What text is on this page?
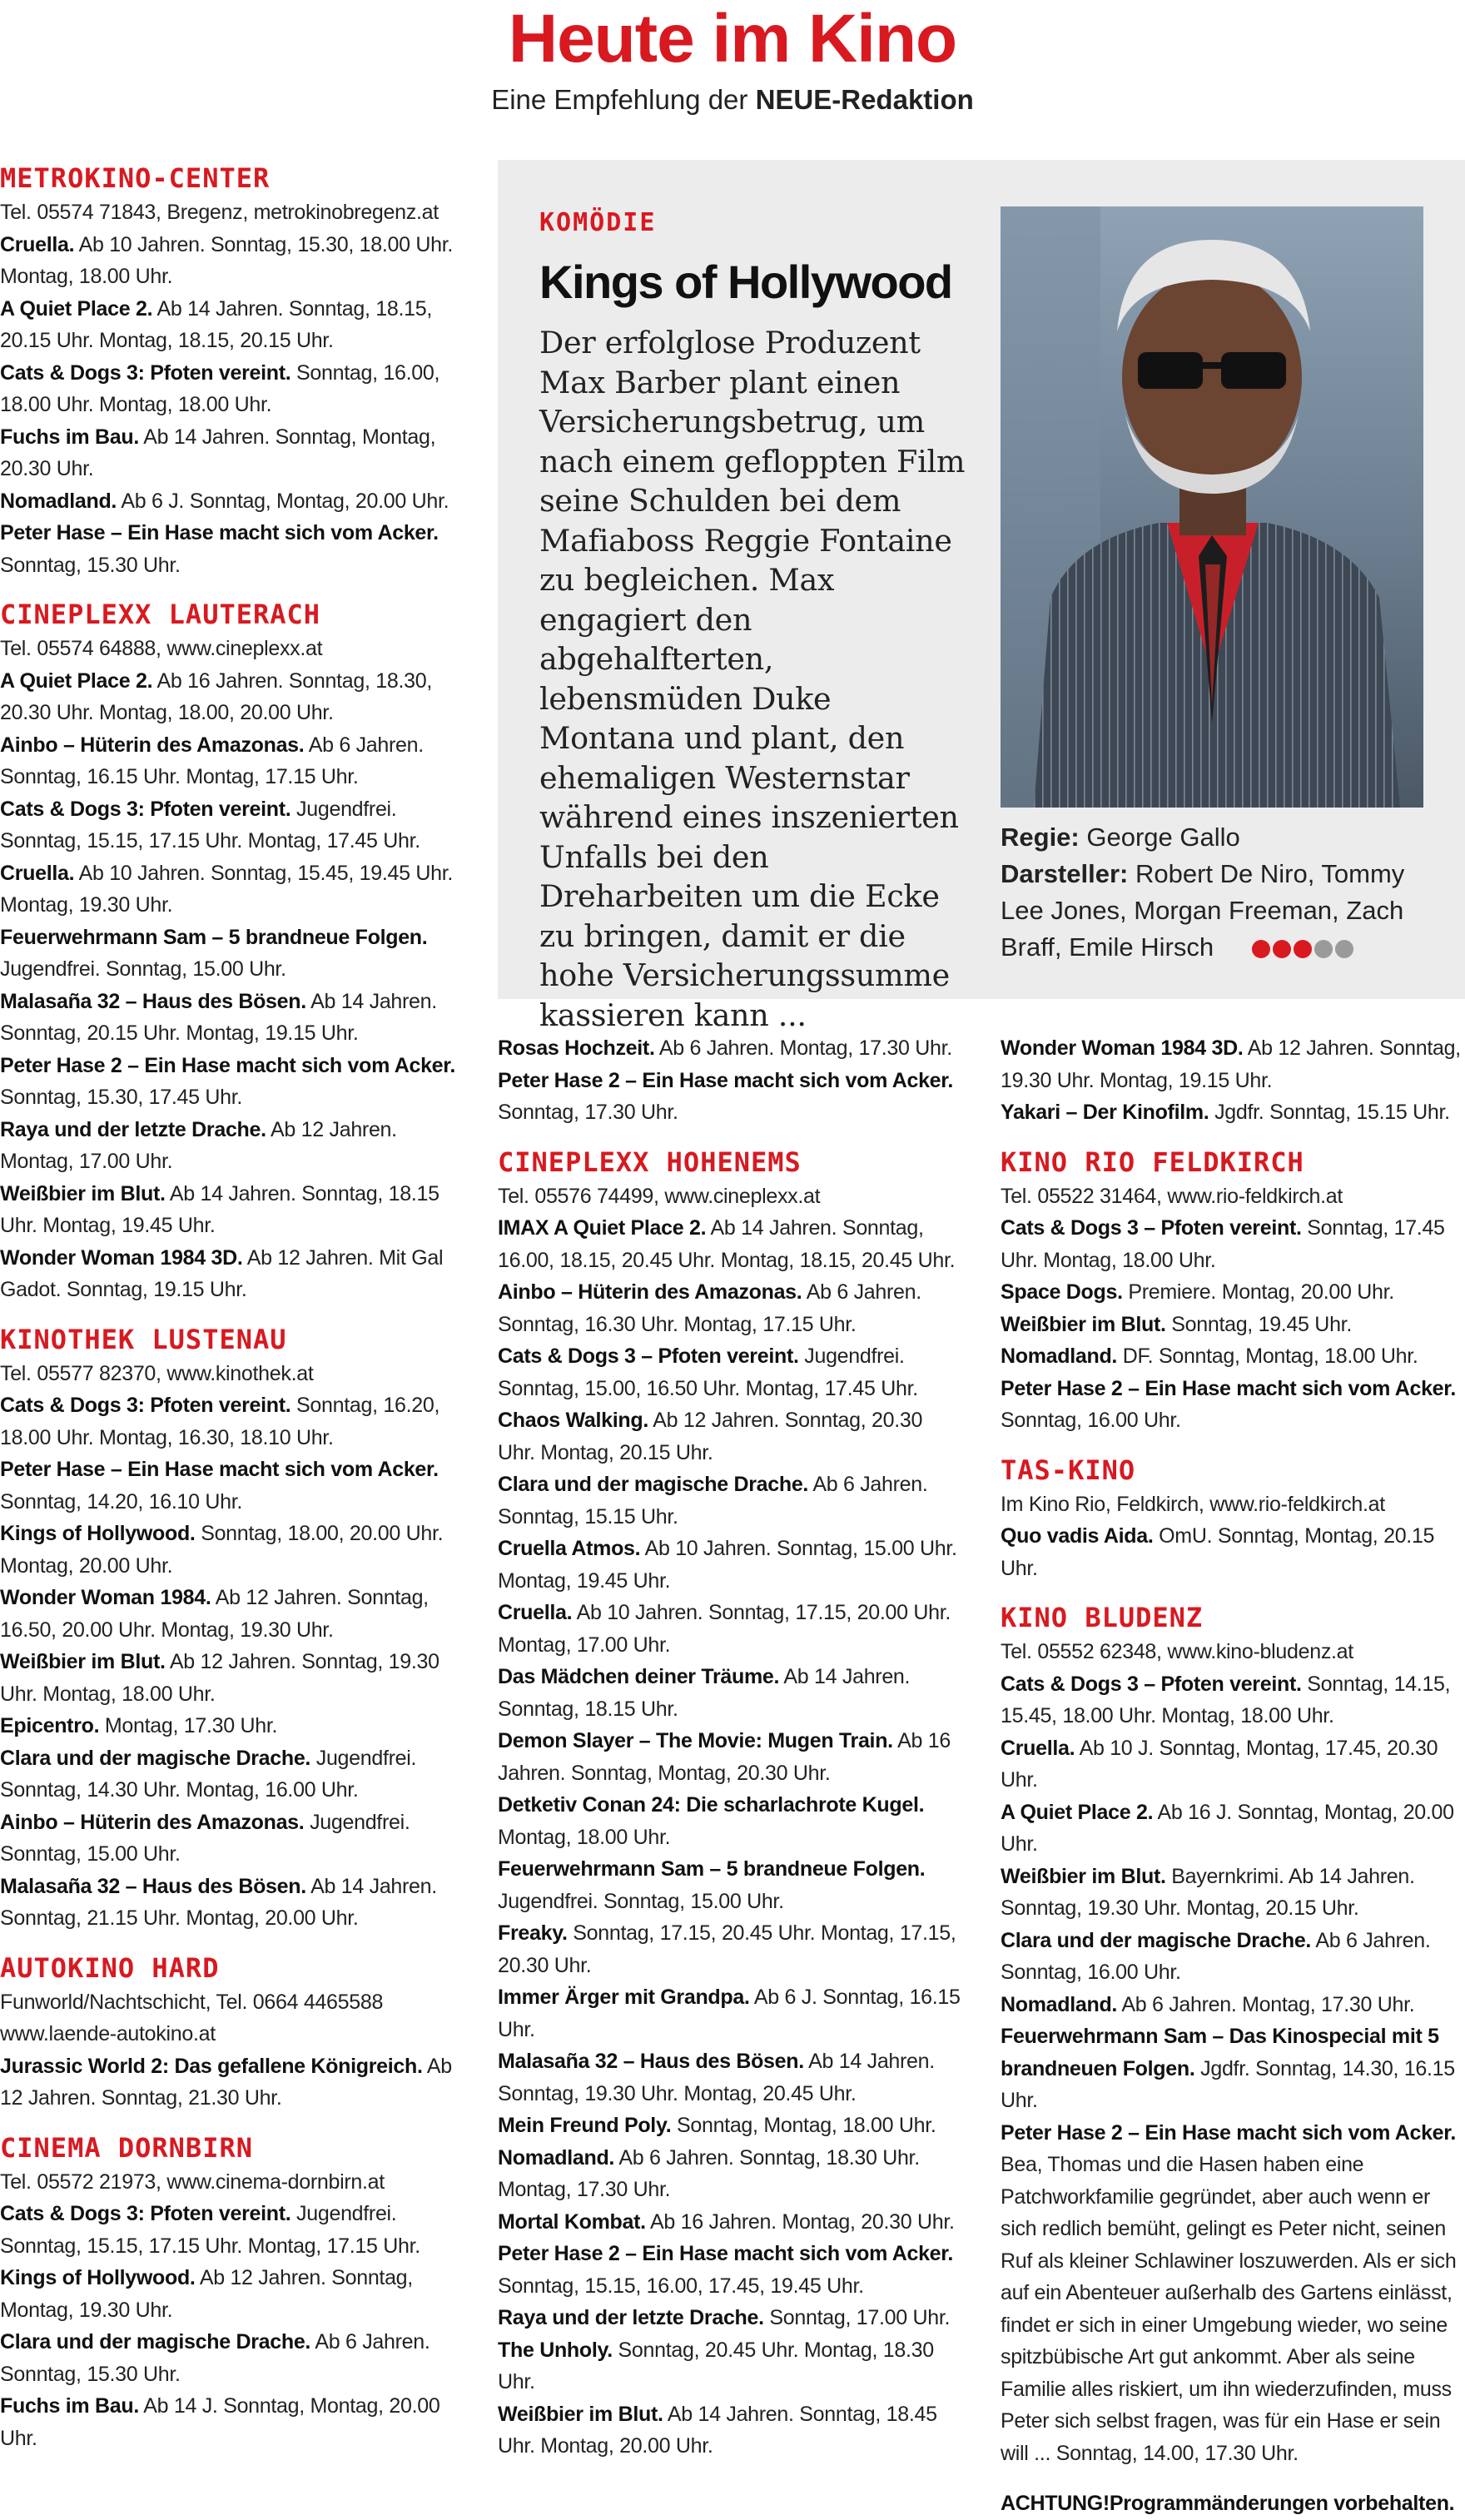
Heute im Kino
Eine Empfehlung der NEUE-Redaktion
KOMÖDIE
Kings of Hollywood
Der erfolglose Produzent Max Barber plant einen Versicherungsbetrug, um nach einem gefloppten Film seine Schulden bei dem Mafiaboss Reggie Fontaine zu begleichen. Max engagiert den abgehalfterten, lebensmüden Duke Montana und plant, den ehemaligen Westernstar während eines inszenierten Unfalls bei den Dreharbeiten um die Ecke zu bringen, damit er die hohe Versicherungssumme kassieren kann ...
Regie: George Gallo
Darsteller: Robert De Niro, Tommy Lee Jones, Morgan Freeman, Zach Braff, Emile Hirsch
METROKINO-CENTER
Tel. 05574 71843, Bregenz, metrokinobregenz.at
Cruella. Ab 10 Jahren. Sonntag, 15.30, 18.00 Uhr. Montag, 18.00 Uhr.
A Quiet Place 2. Ab 14 Jahren. Sonntag, 18.15, 20.15 Uhr. Montag, 18.15, 20.15 Uhr.
Cats & Dogs 3: Pfoten vereint. Sonntag, 16.00, 18.00 Uhr. Montag, 18.00 Uhr.
Fuchs im Bau. Ab 14 Jahren. Sonntag, Montag, 20.30 Uhr.
Nomadland. Ab 6 J. Sonntag, Montag, 20.00 Uhr.
Peter Hase – Ein Hase macht sich vom Acker. Sonntag, 15.30 Uhr.
CINEPLEXX LAUTERACH
Tel. 05574 64888, www.cineplexx.at
A Quiet Place 2. Ab 16 Jahren. Sonntag, 18.30, 20.30 Uhr. Montag, 18.00, 20.00 Uhr.
Ainbo – Hüterin des Amazonas. Ab 6 Jahren. Sonntag, 16.15 Uhr. Montag, 17.15 Uhr.
Cats & Dogs 3: Pfoten vereint. Jugendfrei. Sonntag, 15.15, 17.15 Uhr. Montag, 17.45 Uhr.
Cruella. Ab 10 Jahren. Sonntag, 15.45, 19.45 Uhr. Montag, 19.30 Uhr.
Feuerwehrmann Sam – 5 brandneue Folgen. Jugendfrei. Sonntag, 15.00 Uhr.
Malasaña 32 – Haus des Bösen. Ab 14 Jahren. Sonntag, 20.15 Uhr. Montag, 19.15 Uhr.
Peter Hase 2 – Ein Hase macht sich vom Acker. Sonntag, 15.30, 17.45 Uhr.
Raya und der letzte Drache. Ab 12 Jahren. Montag, 17.00 Uhr.
Weißbier im Blut. Ab 14 Jahren. Sonntag, 18.15 Uhr. Montag, 19.45 Uhr.
Wonder Woman 1984 3D. Ab 12 Jahren. Mit Gal Gadot. Sonntag, 19.15 Uhr.
KINOTHEK LUSTENAU
Tel. 05577 82370, www.kinothek.at
Cats & Dogs 3: Pfoten vereint. Sonntag, 16.20, 18.00 Uhr. Montag, 16.30, 18.10 Uhr.
Peter Hase – Ein Hase macht sich vom Acker. Sonntag, 14.20, 16.10 Uhr.
Kings of Hollywood. Sonntag, 18.00, 20.00 Uhr. Montag, 20.00 Uhr.
Wonder Woman 1984. Ab 12 Jahren. Sonntag, 16.50, 20.00 Uhr. Montag, 19.30 Uhr.
Weißbier im Blut. Ab 12 Jahren. Sonntag, 19.30 Uhr. Montag, 18.00 Uhr.
Epicentro. Montag, 17.30 Uhr.
Clara und der magische Drache. Jugendfrei. Sonntag, 14.30 Uhr. Montag, 16.00 Uhr.
Ainbo – Hüterin des Amazonas. Jugendfrei. Sonntag, 15.00 Uhr.
Malasaña 32 – Haus des Bösen. Ab 14 Jahren. Sonntag, 21.15 Uhr. Montag, 20.00 Uhr.
AUTOKINO HARD
Funworld/Nachtschicht, Tel. 0664 4465588 www.laende-autokino.at
Jurassic World 2: Das gefallene Königreich. Ab 12 Jahren. Sonntag, 21.30 Uhr.
CINEMA DORNBIRN
Tel. 05572 21973, www.cinema-dornbirn.at
Cats & Dogs 3: Pfoten vereint. Jugendfrei. Sonntag, 15.15, 17.15 Uhr. Montag, 17.15 Uhr.
Kings of Hollywood. Ab 12 Jahren. Sonntag, Montag, 19.30 Uhr.
Clara und der magische Drache. Ab 6 Jahren. Sonntag, 15.30 Uhr.
Fuchs im Bau. Ab 14 J. Sonntag, Montag, 20.00 Uhr.
Rosas Hochzeit. Ab 6 Jahren. Montag, 17.30 Uhr.
Peter Hase 2 – Ein Hase macht sich vom Acker. Sonntag, 17.30 Uhr.
CINEPLEXX HOHENEMS
Tel. 05576 74499, www.cineplexx.at
IMAX A Quiet Place 2. Ab 14 Jahren. Sonntag, 16.00, 18.15, 20.45 Uhr. Montag, 18.15, 20.45 Uhr.
Ainbo – Hüterin des Amazonas. Ab 6 Jahren. Sonntag, 16.30 Uhr. Montag, 17.15 Uhr.
Cats & Dogs 3 – Pfoten vereint. Jugendfrei. Sonntag, 15.00, 16.50 Uhr. Montag, 17.45 Uhr.
Chaos Walking. Ab 12 Jahren. Sonntag, 20.30 Uhr. Montag, 20.15 Uhr.
Clara und der magische Drache. Ab 6 Jahren. Sonntag, 15.15 Uhr.
Cruella Atmos. Ab 10 Jahren. Sonntag, 15.00 Uhr. Montag, 19.45 Uhr.
Cruella. Ab 10 Jahren. Sonntag, 17.15, 20.00 Uhr. Montag, 17.00 Uhr.
Das Mädchen deiner Träume. Ab 14 Jahren. Sonntag, 18.15 Uhr.
Demon Slayer – The Movie: Mugen Train. Ab 16 Jahren. Sonntag, Montag, 20.30 Uhr.
Detketiv Conan 24: Die scharlachrote Kugel. Montag, 18.00 Uhr.
Feuerwehrmann Sam – 5 brandneue Folgen. Jugendfrei. Sonntag, 15.00 Uhr.
Freaky. Sonntag, 17.15, 20.45 Uhr. Montag, 17.15, 20.30 Uhr.
Immer Ärger mit Grandpa. Ab 6 J. Sonntag, 16.15 Uhr.
Malasaña 32 – Haus des Bösen. Ab 14 Jahren. Sonntag, 19.30 Uhr. Montag, 20.45 Uhr.
Mein Freund Poly. Sonntag, Montag, 18.00 Uhr.
Nomadland. Ab 6 Jahren. Sonntag, 18.30 Uhr. Montag, 17.30 Uhr.
Mortal Kombat. Ab 16 Jahren. Montag, 20.30 Uhr.
Peter Hase 2 – Ein Hase macht sich vom Acker. Sonntag, 15.15, 16.00, 17.45, 19.45 Uhr.
Raya und der letzte Drache. Sonntag, 17.00 Uhr.
The Unholy. Sonntag, 20.45 Uhr. Montag, 18.30 Uhr.
Weißbier im Blut. Ab 14 Jahren. Sonntag, 18.45 Uhr. Montag, 20.00 Uhr.
Wonder Woman 1984 3D. Ab 12 Jahren. Sonntag, 19.30 Uhr. Montag, 19.15 Uhr.
Yakari – Der Kinofilm. Jgdfr. Sonntag, 15.15 Uhr.
KINO RIO FELDKIRCH
Tel. 05522 31464, www.rio-feldkirch.at
Cats & Dogs 3 – Pfoten vereint. Sonntag, 17.45 Uhr. Montag, 18.00 Uhr.
Space Dogs. Premiere. Montag, 20.00 Uhr.
Weißbier im Blut. Sonntag, 19.45 Uhr.
Nomadland. DF. Sonntag, Montag, 18.00 Uhr.
Peter Hase 2 – Ein Hase macht sich vom Acker. Sonntag, 16.00 Uhr.
TAS-KINO
Im Kino Rio, Feldkirch, www.rio-feldkirch.at
Quo vadis Aida. OmU. Sonntag, Montag, 20.15 Uhr.
KINO BLUDENZ
Tel. 05552 62348, www.kino-bludenz.at
Cats & Dogs 3 – Pfoten vereint. Sonntag, 14.15, 15.45, 18.00 Uhr. Montag, 18.00 Uhr.
Cruella. Ab 10 J. Sonntag, Montag, 17.45, 20.30 Uhr.
A Quiet Place 2. Ab 16 J. Sonntag, Montag, 20.00 Uhr.
Weißbier im Blut. Bayernkrimi. Ab 14 Jahren. Sonntag, 19.30 Uhr. Montag, 20.15 Uhr.
Clara und der magische Drache. Ab 6 Jahren. Sonntag, 16.00 Uhr.
Nomadland. Ab 6 Jahren. Montag, 17.30 Uhr.
Feuerwehrmann Sam – Das Kinospecial mit 5 brandneuen Folgen. Jgdfr. Sonntag, 14.30, 16.15 Uhr.
Peter Hase 2 – Ein Hase macht sich vom Acker. Bea, Thomas und die Hasen haben eine Patchworkfamilie gegründet, aber auch wenn er sich redlich bemüht, gelingt es Peter nicht, seinen Ruf als kleiner Schlawiner loszuwerden. Als er sich auf ein Abenteuer außerhalb des Gartens einlässt, findet er sich in einer Umgebung wieder, wo seine spitzbübische Art gut ankommt. Aber als seine Familie alles riskiert, um ihn wiederzufinden, muss Peter sich selbst fragen, was für ein Hase er sein will ... Sonntag, 14.00, 17.30 Uhr.
ACHTUNG!Programmänderungen vorbehalten.
